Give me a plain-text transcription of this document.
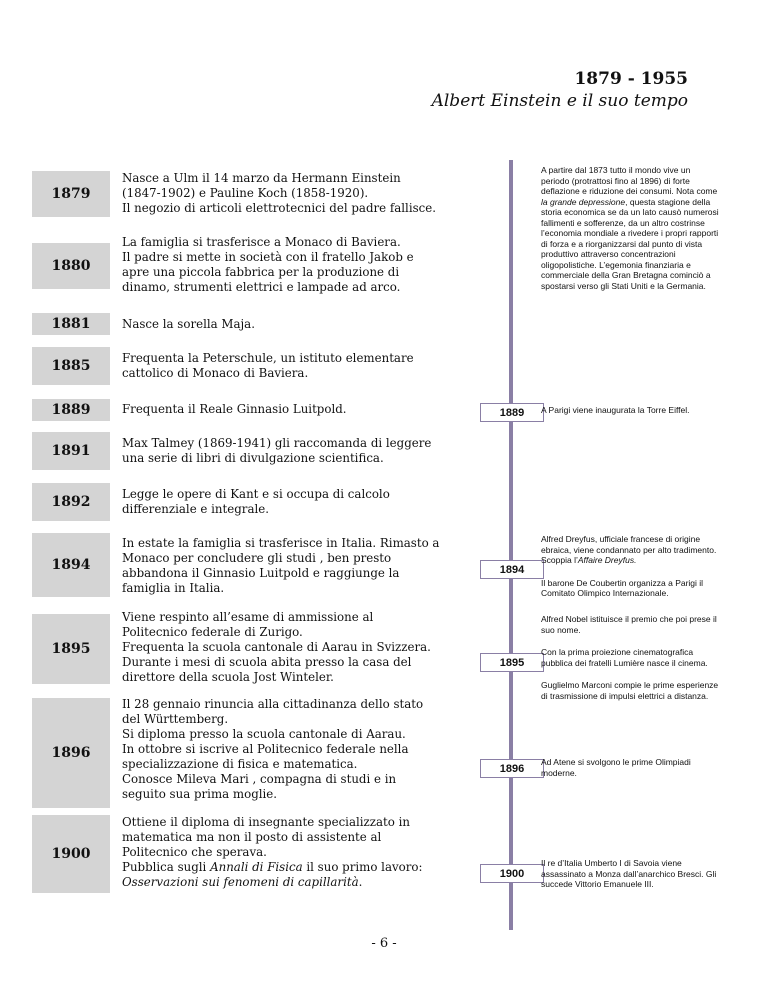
1879 - 1955
Albert Einstein e il suo tempo
1879
Nasce a Ulm il 14 marzo da Hermann Einstein (1847-1902) e Pauline Koch (1858-1920).
Il negozio di articoli elettrotecnici del padre fallisce.
1880
La famiglia si trasferisce a Monaco di Baviera.
Il padre si mette in società con il fratello Jakob e apre una piccola fabbrica per la produzione di dinamo, strumenti elettrici e lampade ad arco.
1881	Nasce la sorella Maja.
1885	Frequenta la Peterschule, un istituto elementare cattolico di Monaco di Baviera.
1889	Frequenta il Reale Ginnasio Luitpold.
1891	Max Talmey (1869-1941) gli raccomanda di leggere una serie di libri di divulgazione scientifica.
1892	Legge le opere di Kant e si occupa di calcolo differenziale e integrale.
1894
In estate la famiglia si trasferisce in Italia. Rimasto a Monaco per concludere gli studi , ben presto abbandona il Ginnasio Luitpold e raggiunge la famiglia in Italia.
1895
Viene respinto all’esame di ammissione al Politecnico federale di Zurigo.
Frequenta la scuola cantonale di Aarau in Svizzera.
Durante i mesi di scuola abita presso la casa del direttore della scuola Jost Winteler.
1896
Il 28 gennaio rinuncia alla cittadinanza dello stato del Württemberg.
Si diploma presso la scuola cantonale di Aarau.
In ottobre si iscrive al Politecnico federale nella specializzazione di fisica e matematica.
Conosce Mileva Mari , compagna di studi e in seguito sua prima moglie.
1900

Ottiene il diploma di insegnante specializzato in matematica ma non il posto di assistente al Politecnico che sperava.

Pubblica sugli Annali di Fisica il suo primo lavoro:

Osservazioni sui fenomeni di capillarità.

A partire dal 1873 tutto il mondo vive un periodo (protrattosi fino al 1896) di forte deflazione e riduzione dei consumi. Nota come la grande depressione, questa stagione della storia economica se da un lato causò numerosi fallimenti e sofferenze, da un altro costrinse l’economia mondiale a rivedere i propri rapporti di forza e a riorganizzarsi dal punto di vista produttivo attraverso concentrazioni oligopolistiche. L’egemonia finanziaria e commerciale della Gran Bretagna cominciò a spostarsi verso gli Stati Uniti e la Germania.

1889	A Parigi viene inaugurata la Torre Eiffel.
1894

Alfred Dreyfus, ufficiale francese di origine ebraica, viene condannato per alto tradimento. Scoppia l’Affaire Dreyfus.

Il barone De Coubertin organizza a Parigi il Comitato Olimpico Internazionale.

1895

Alfred Nobel istituisce il premio che poi prese il suo nome.

Con la prima proiezione cinematografica pubblica dei fratelli Lumière nasce il cinema.

Guglielmo Marconi compie le prime esperienze di trasmissione di impulsi elettrici a distanza.

1896
Ad Atene si svolgono le prime Olimpiadi moderne.
1900
Il re d’Italia Umberto I di Savoia viene assassinato a Monza dall’anarchico Bresci. Gli succede Vittorio Emanuele III.
- 6 -
